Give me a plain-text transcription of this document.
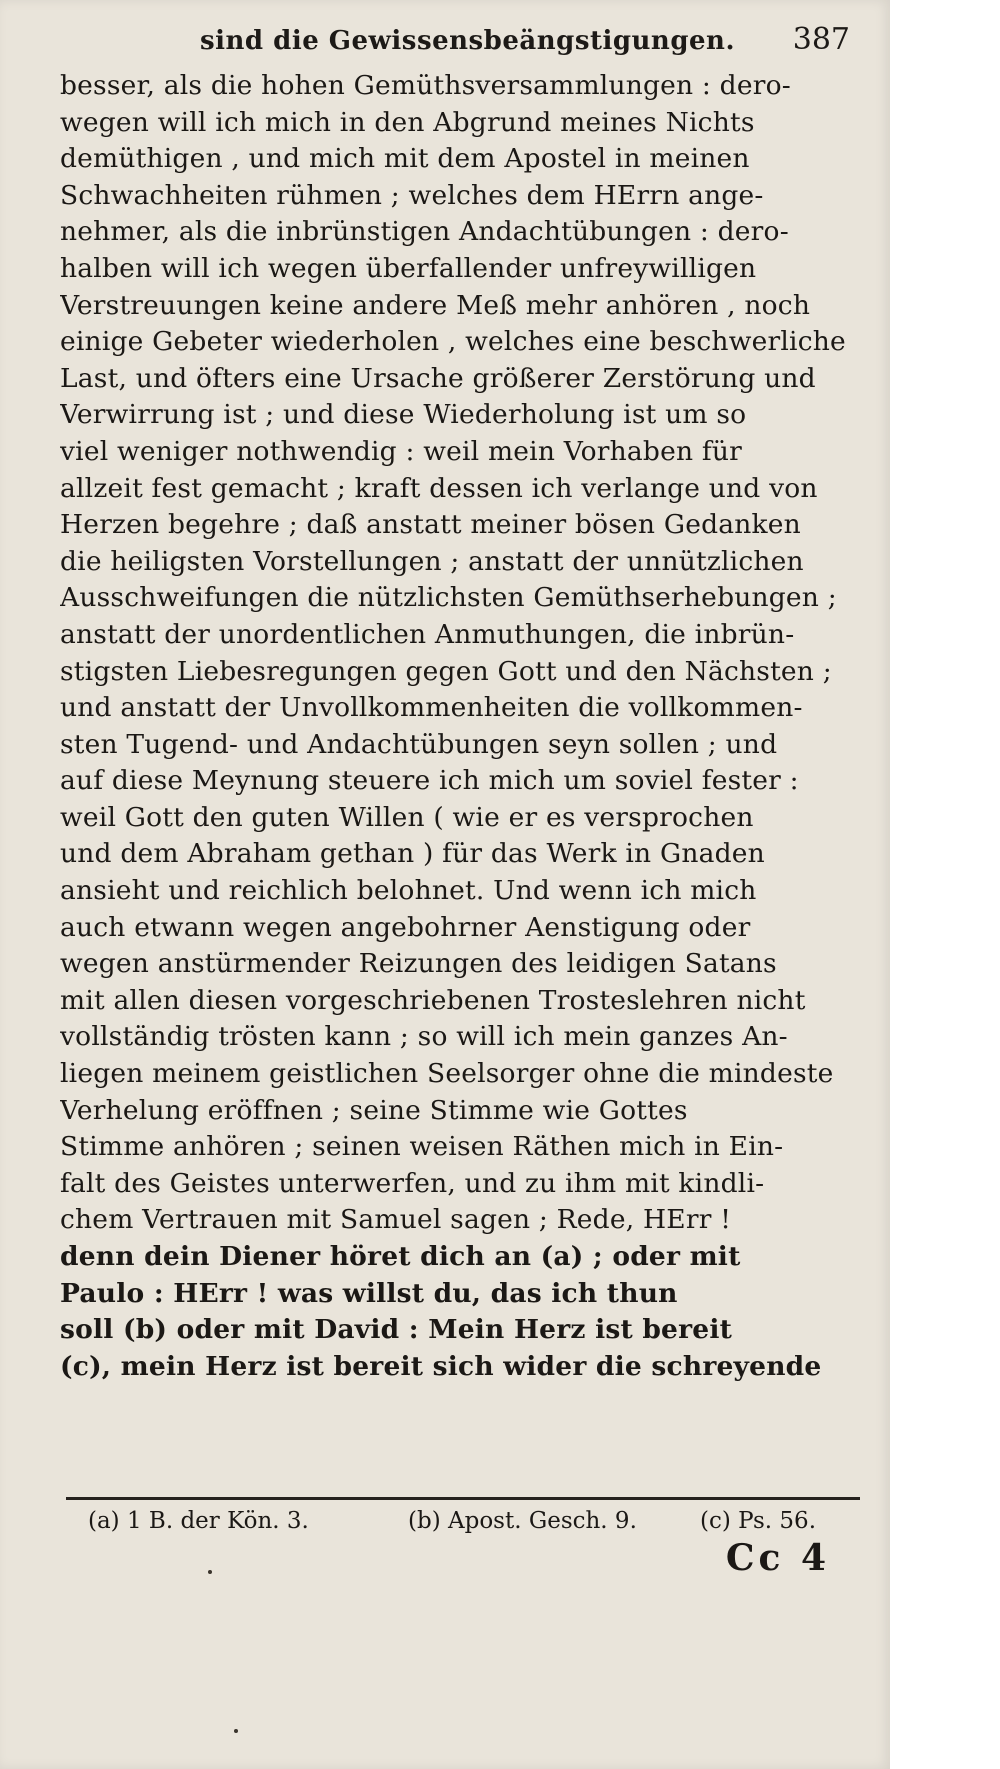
sind die Gewissensbeängstigungen. 387
besser, als die hohen Gemüthsversammlungen : dero-
wegen will ich mich in den Abgrund meines Nichts
demüthigen , und mich mit dem Apostel in meinen
Schwachheiten rühmen ; welches dem HErrn ange-
nehmer, als die inbrünstigen Andachtübungen : dero-
halben will ich wegen überfallender unfreywilligen
Verstreuungen keine andere Meß mehr anhören , noch
einige Gebeter wiederholen , welches eine beschwerliche
Last, und öfters eine Ursache größerer Zerstörung und
Verwirrung ist ; und diese Wiederholung ist um so
viel weniger nothwendig : weil mein Vorhaben für
allzeit fest gemacht ; kraft dessen ich verlange und von
Herzen begehre ; daß anstatt meiner bösen Gedanken
die heiligsten Vorstellungen ; anstatt der unnützlichen
Ausschweifungen die nützlichsten Gemüthserhebungen ;
anstatt der unordentlichen Anmuthungen, die inbrün-
stigsten Liebesregungen gegen Gott und den Nächsten ;
und anstatt der Unvollkommenheiten die vollkommen-
sten Tugend- und Andachtübungen seyn sollen ; und
auf diese Meynung steuere ich mich um soviel fester :
weil Gott den guten Willen ( wie er es versprochen
und dem Abraham gethan ) für das Werk in Gnaden
ansieht und reichlich belohnet. Und wenn ich mich
auch etwann wegen angebohrner Aenstigung oder
wegen anstürmender Reizungen des leidigen Satans
mit allen diesen vorgeschriebenen Trosteslehren nicht
vollständig trösten kann ; so will ich mein ganzes An-
liegen meinem geistlichen Seelsorger ohne die mindeste
Verhelung eröffnen ; seine Stimme wie Gottes
Stimme anhören ; seinen weisen Räthen mich in Ein-
falt des Geistes unterwerfen, und zu ihm mit kindli-
chem Vertrauen mit Samuel sagen ; Rede, HErr !
denn dein Diener höret dich an (a) ; oder mit
Paulo : HErr ! was willst du, das ich thun
soll (b) oder mit David : Mein Herz ist bereit
(c), mein Herz ist bereit sich wider die schreyende
(a) 1 B. der Kön. 3.	(b) Apost. Gesch. 9.	(c) Ps. 56.
Cc 4
